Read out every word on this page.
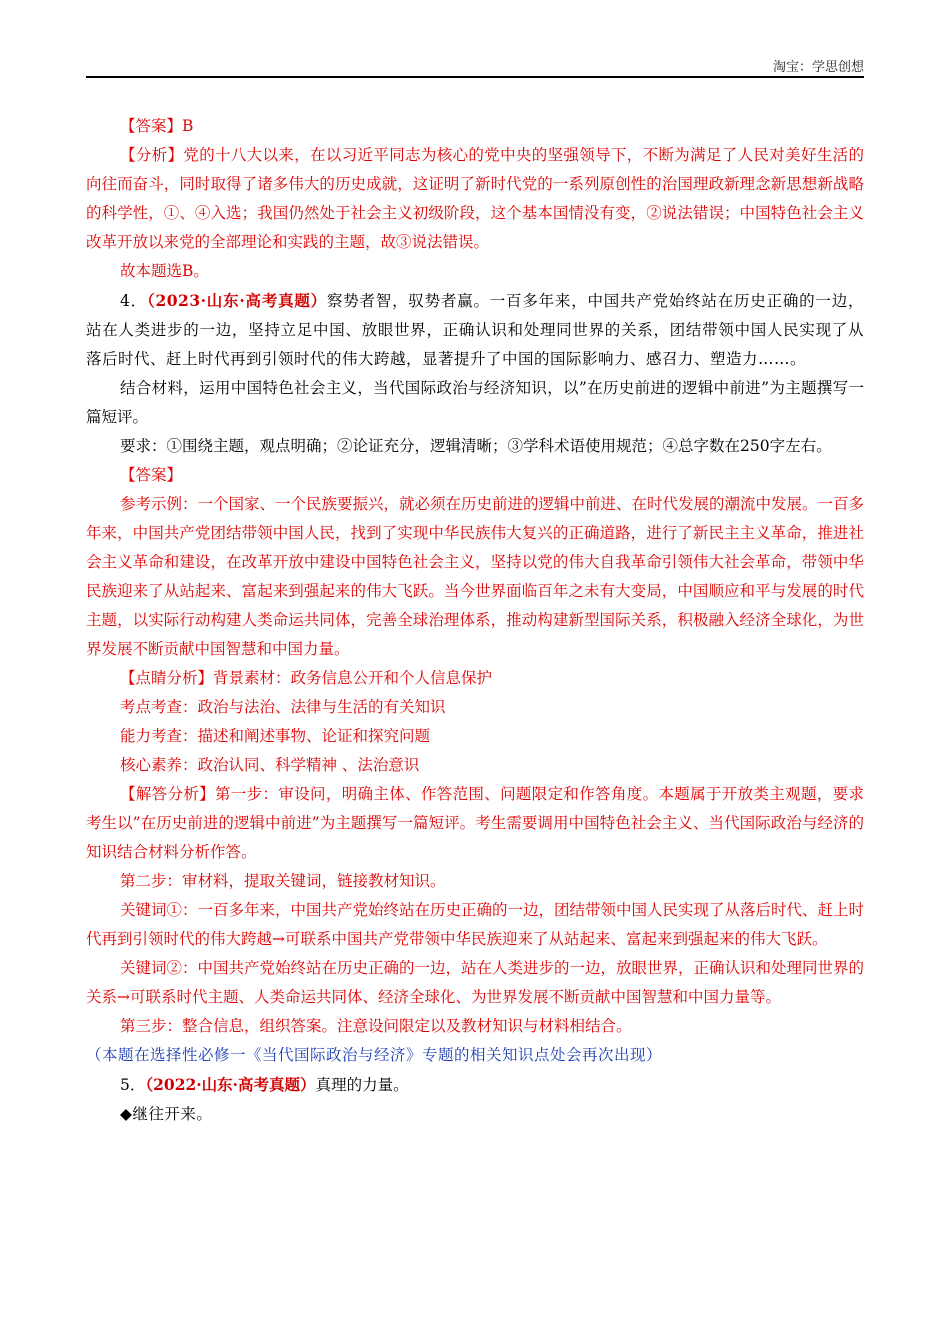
淘宝：学思创想

【答案】B

【分析】党的十八大以来，在以习近平同志为核心的党中央的坚强领导下，不断为满足了人民对美好生活的向往而奋斗，同时取得了诸多伟大的历史成就，这证明了新时代党的一系列原创性的治国理政新理念新思想新战略的科学性，①、④入选；我国仍然处于社会主义初级阶段，这个基本国情没有变，②说法错误；中国特色社会主义改革开放以来党的全部理论和实践的主题，故③说法错误。

故本题选B。

4．（2023·山东·高考真题）察势者智，驭势者赢。一百多年来，中国共产党始终站在历史正确的一边，站在人类进步的一边，坚持立足中国、放眼世界，正确认识和处理同世界的关系，团结带领中国人民实现了从落后时代、赶上时代再到引领时代的伟大跨越，显著提升了中国的国际影响力、感召力、塑造力……。

结合材料，运用中国特色社会主义，当代国际政治与经济知识，以”在历史前进的逻辑中前进”为主题撰写一篇短评。

要求：①围绕主题，观点明确；②论证充分，逻辑清晰；③学科术语使用规范；④总字数在250字左右。

【答案】

参考示例：一个国家、一个民族要振兴，就必须在历史前进的逻辑中前进、在时代发展的潮流中发展。一百多年来，中国共产党团结带领中国人民，找到了实现中华民族伟大复兴的正确道路，进行了新民主主义革命，推进社会主义革命和建设，在改革开放中建设中国特色社会主义，坚持以党的伟大自我革命引领伟大社会革命，带领中华民族迎来了从站起来、富起来到强起来的伟大飞跃。当今世界面临百年之未有大变局，中国顺应和平与发展的时代主题，以实际行动构建人类命运共同体，完善全球治理体系，推动构建新型国际关系，积极融入经济全球化，为世界发展不断贡献中国智慧和中国力量。

【点睛分析】背景素材：政务信息公开和个人信息保护

考点考查：政治与法治、法律与生活的有关知识

能力考查：描述和阐述事物、论证和探究问题

核心素养：政治认同、科学精神 、法治意识

【解答分析】第一步：审设问，明确主体、作答范围、问题限定和作答角度。本题属于开放类主观题，要求考生以”在历史前进的逻辑中前进”为主题撰写一篇短评。考生需要调用中国特色社会主义、当代国际政治与经济的知识结合材料分析作答。

第二步：审材料，提取关键词，链接教材知识。

关键词①：一百多年来，中国共产党始终站在历史正确的一边，团结带领中国人民实现了从落后时代、赶上时代再到引领时代的伟大跨越→可联系中国共产党带领中华民族迎来了从站起来、富起来到强起来的伟大飞跃。

关键词②：中国共产党始终站在历史正确的一边，站在人类进步的一边，放眼世界，正确认识和处理同世界的关系→可联系时代主题、人类命运共同体、经济全球化、为世界发展不断贡献中国智慧和中国力量等。

第三步：整合信息，组织答案。注意设问限定以及教材知识与材料相结合。

（本题在选择性必修一《当代国际政治与经济》专题的相关知识点处会再次出现）

5．（2022·山东·高考真题）真理的力量。

◆继往开来。
